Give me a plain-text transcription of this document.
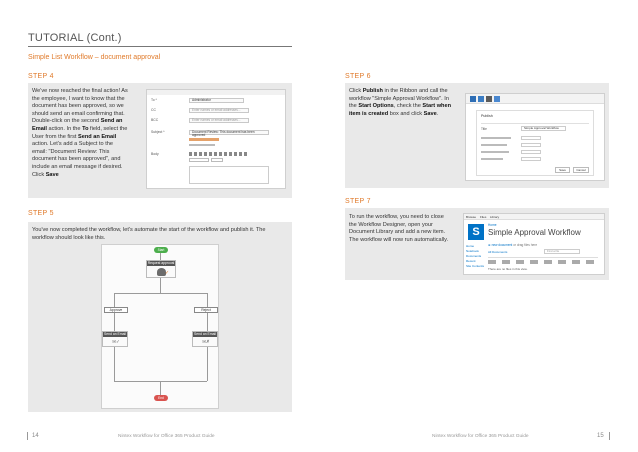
TUTORIAL (Cont.)
Simple List Workflow – document approval
STEP 4

We've now reached the final action! As the employee, I want to know that the document has been approved, so we should send an email confirming that. Double-click on the second Send an Email action. In the To field, select the User from the first Send an Email action. Let's add a Subject to the email: "Document Review: This document has been approved", and include an email message if desired. Click Save

To *	Administrator
CC	Enter names or email addresses...
BCC	Enter names or email addresses...
Subject *	Document Review: This document has been approved
Body
STEP 5

You've now completed the workflow, let's automate the start of the workflow and publish it. The workflow should look like this.

Start
Request approval
✓
Approve
Send an Email
✉✓
Reject
Send an Email
✉✗
End
STEP 6

Click Publish in the Ribbon and call the workflow "Simple Approval Workflow". In the Start Options, check the Start when item is created box and click Save.	Publish
Title	Simple Approval Workflow
Save	Cancel
STEP 7

To run the workflow, you need to close the Workflow Designer, open your Document Library and add a new item. The workflow will now run automatically.

Browse Files Library
S
Home
Simple Approval Workflow
Home
Notebook
Documents
Recent
Site Contents
⊕ new document or drag files here
All Documents	Find a file
There are no files in this view.
14	Nintex Workflow for Office 365 Product Guide	Nintex Workflow for Office 365 Product Guide	15
